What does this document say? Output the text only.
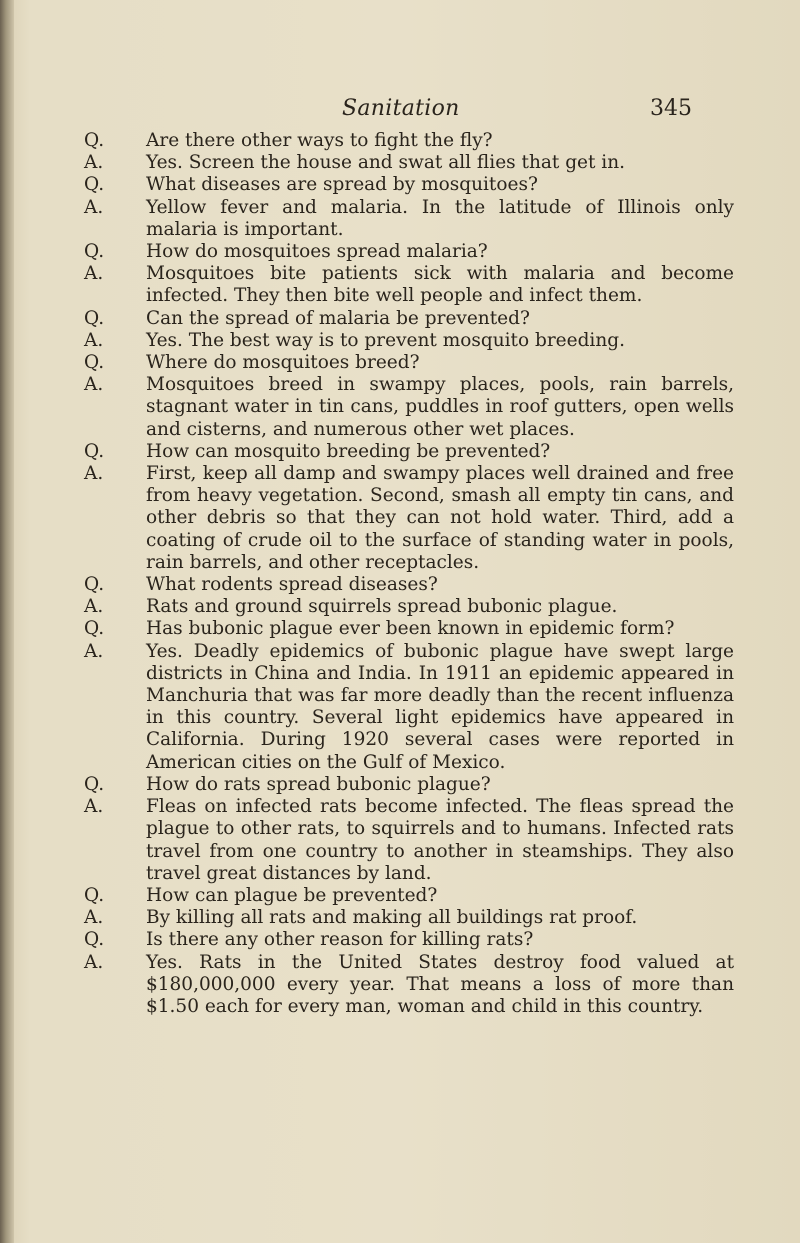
Sanitation	345
Q.	Are there other ways to fight the fly?
A.	Yes. Screen the house and swat all flies that get in.
Q.	What diseases are spread by mosquitoes?
A.	Yellow fever and malaria. In the latitude of Illinois only malaria is important.
Q.	How do mosquitoes spread malaria?
A.	Mosquitoes bite patients sick with malaria and become infected. They then bite well people and infect them.
Q.	Can the spread of malaria be prevented?
A.	Yes. The best way is to prevent mosquito breeding.
Q.	Where do mosquitoes breed?
A.	Mosquitoes breed in swampy places, pools, rain barrels, stagnant water in tin cans, puddles in roof gutters, open wells and cisterns, and numerous other wet places.
Q.	How can mosquito breeding be prevented?
A.	First, keep all damp and swampy places well drained and free from heavy vegetation. Second, smash all empty tin cans, and other debris so that they can not hold water. Third, add a coating of crude oil to the surface of standing water in pools, rain barrels, and other receptacles.
Q.	What rodents spread diseases?
A.	Rats and ground squirrels spread bubonic plague.
Q.	Has bubonic plague ever been known in epidemic form?
A.	Yes. Deadly epidemics of bubonic plague have swept large districts in China and India. In 1911 an epidemic appeared in Manchuria that was far more deadly than the recent influenza in this country. Several light epidemics have appeared in California. During 1920 several cases were reported in American cities on the Gulf of Mexico.
Q.	How do rats spread bubonic plague?
A.	Fleas on infected rats become infected. The fleas spread the plague to other rats, to squirrels and to humans. Infected rats travel from one country to another in steamships. They also travel great distances by land.
Q.	How can plague be prevented?
A.	By killing all rats and making all buildings rat proof.
Q.	Is there any other reason for killing rats?
A.	Yes. Rats in the United States destroy food valued at $180,000,000 every year. That means a loss of more than $1.50 each for every man, woman and child in this country.
